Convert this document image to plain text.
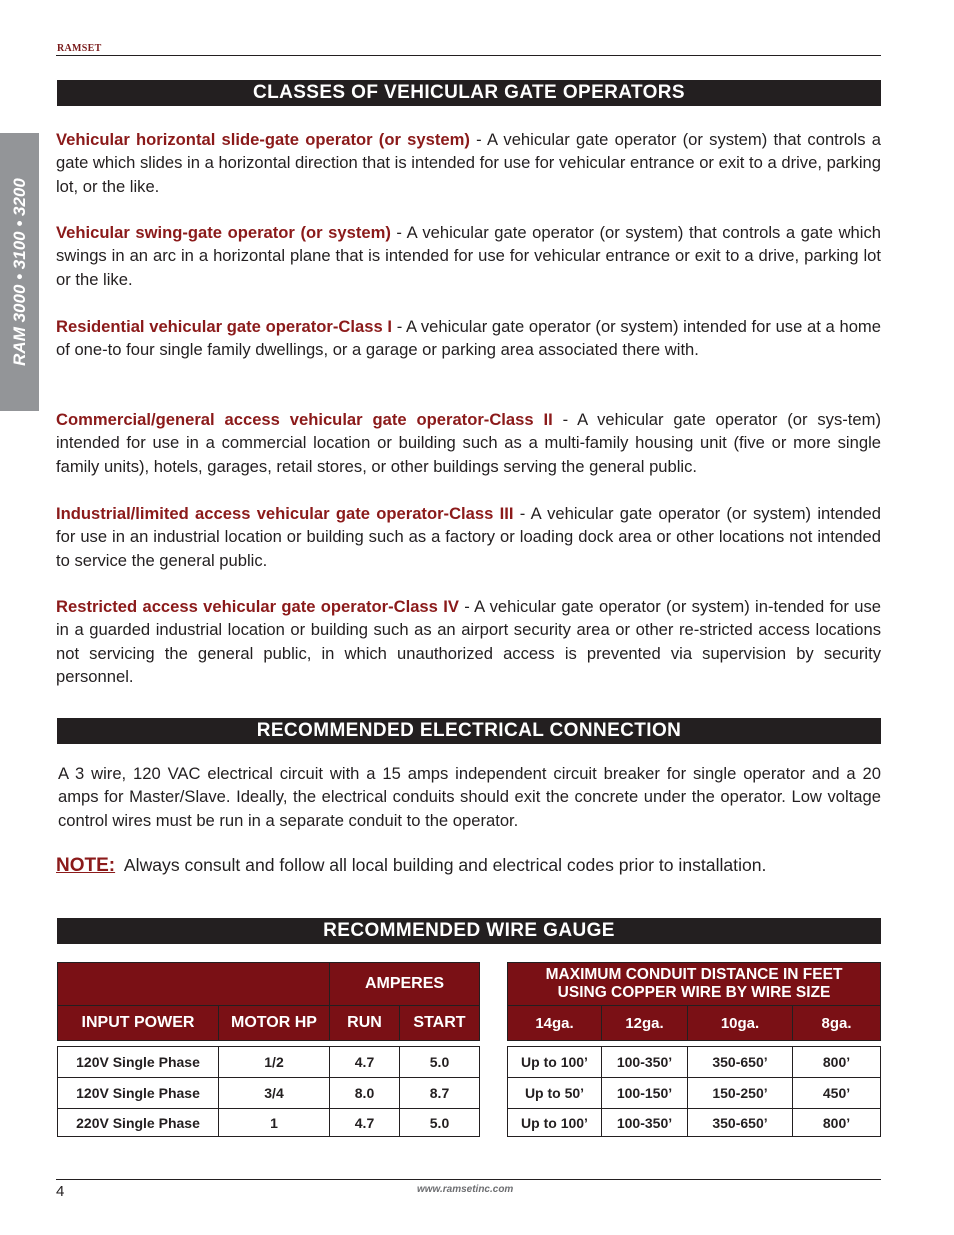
RAMSET
RAM 3000 • 3100 • 3200
CLASSES OF VEHICULAR GATE OPERATORS

Vehicular horizontal slide-gate operator (or system) - A vehicular gate operator (or system) that controls a gate which slides in a horizontal direction that is intended for use for vehicular entrance or exit to a drive, parking lot, or the like.

Vehicular swing-gate operator (or system) - A vehicular gate operator (or system) that controls a gate which swings in an arc in a horizontal plane that is intended for use for vehicular entrance or exit to a drive, parking lot or the like.

Residential vehicular gate operator-Class I - A vehicular gate operator (or system) intended for use at a home of one-to four single family dwellings, or a garage or parking area associated there with.

Commercial/general access vehicular gate operator-Class II - A vehicular gate operator (or sys-tem) intended for use in a commercial location or building such as a multi-family housing unit (five or more single family units), hotels, garages, retail stores, or other buildings serving the general public.

Industrial/limited access vehicular gate operator-Class III - A vehicular gate operator (or system) intended for use in an industrial location or building such as a factory or loading dock area or other locations not intended to service the general public.

Restricted access vehicular gate operator-Class IV - A vehicular gate operator (or system) in-tended for use in a guarded industrial location or building such as an airport security area or other re-stricted access locations not servicing the general public, in which unauthorized access is prevented via supervision by security personnel.

RECOMMENDED ELECTRICAL CONNECTION

A 3 wire, 120 VAC electrical circuit with a 15 amps independent circuit breaker for single operator and a 20 amps for Master/Slave. Ideally, the electrical conduits should exit the concrete under the operator. Low voltage control wires must be run in a separate conduit to the operator.

NOTE: Always consult and follow all local building and electrical codes prior to installation.
RECOMMENDED WIRE GAUGE
		AMPERES	
INPUT POWER	MOTOR HP	RUN	START

120V Single Phase	1/2	4.7	5.0
120V Single Phase	3/4	8.0	8.7
220V Single Phase	1	4.7	5.0
MAXIMUM CONDUIT DISTANCE IN FEET
USING COPPER WIRE BY WIRE SIZE			

14ga.	12ga.	10ga.	8ga.

Up to 100’	100-350’	350-650’	800’
Up to 50’	100-150’	150-250’	450’
Up to 100’	100-350’	350-650’	800’
4	www.ramsetinc.com
